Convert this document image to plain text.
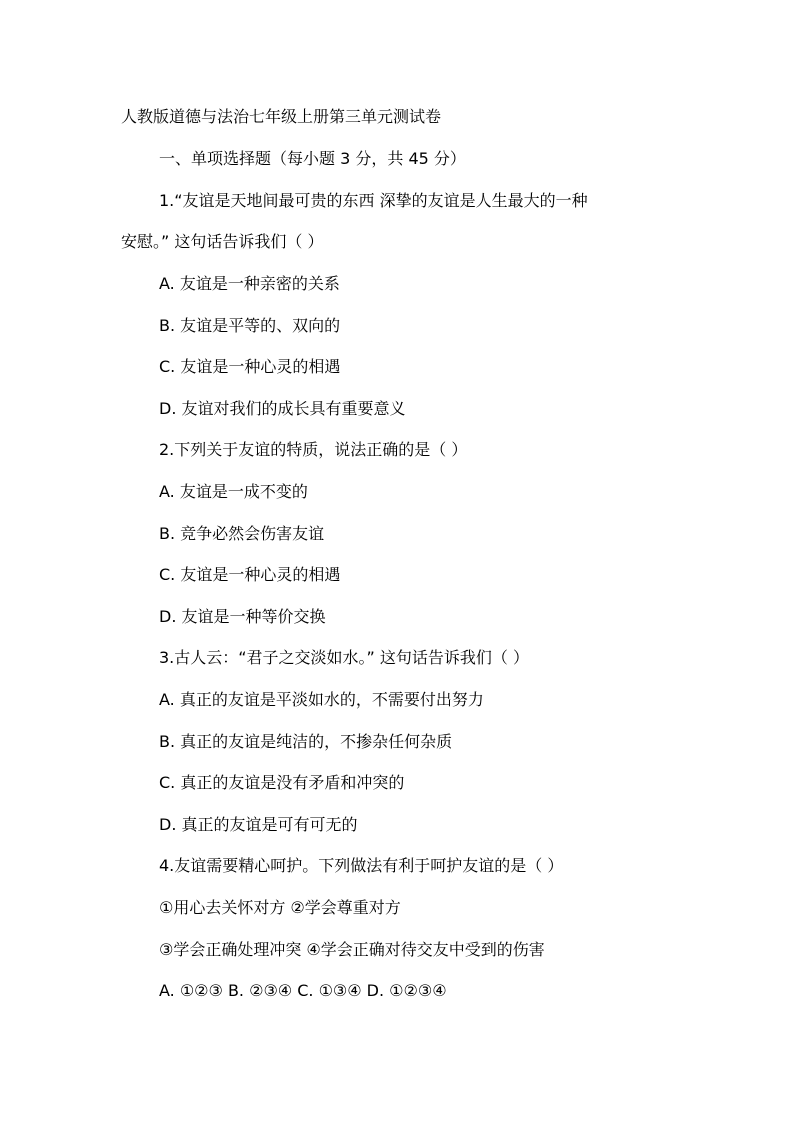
人教版道德与法治七年级上册第三单元测试卷
一、单项选择题（每小题 3 分，共 45 分）
1.“友谊是天地间最可贵的东西 深挚的友谊是人生最大的一种
安慰。” 这句话告诉我们（ ）
A. 友谊是一种亲密的关系
B. 友谊是平等的、双向的
C. 友谊是一种心灵的相遇
D. 友谊对我们的成长具有重要意义
2.下列关于友谊的特质，说法正确的是（ ）
A. 友谊是一成不变的
B. 竞争必然会伤害友谊
C. 友谊是一种心灵的相遇
D. 友谊是一种等价交换
3.古人云：“君子之交淡如水。” 这句话告诉我们（ ）
A. 真正的友谊是平淡如水的，不需要付出努力
B. 真正的友谊是纯洁的，不掺杂任何杂质
C. 真正的友谊是没有矛盾和冲突的
D. 真正的友谊是可有可无的
4.友谊需要精心呵护。下列做法有利于呵护友谊的是（ ）
①用心去关怀对方 ②学会尊重对方
③学会正确处理冲突 ④学会正确对待交友中受到的伤害
A. ①②③ B. ②③④ C. ①③④ D. ①②③④
